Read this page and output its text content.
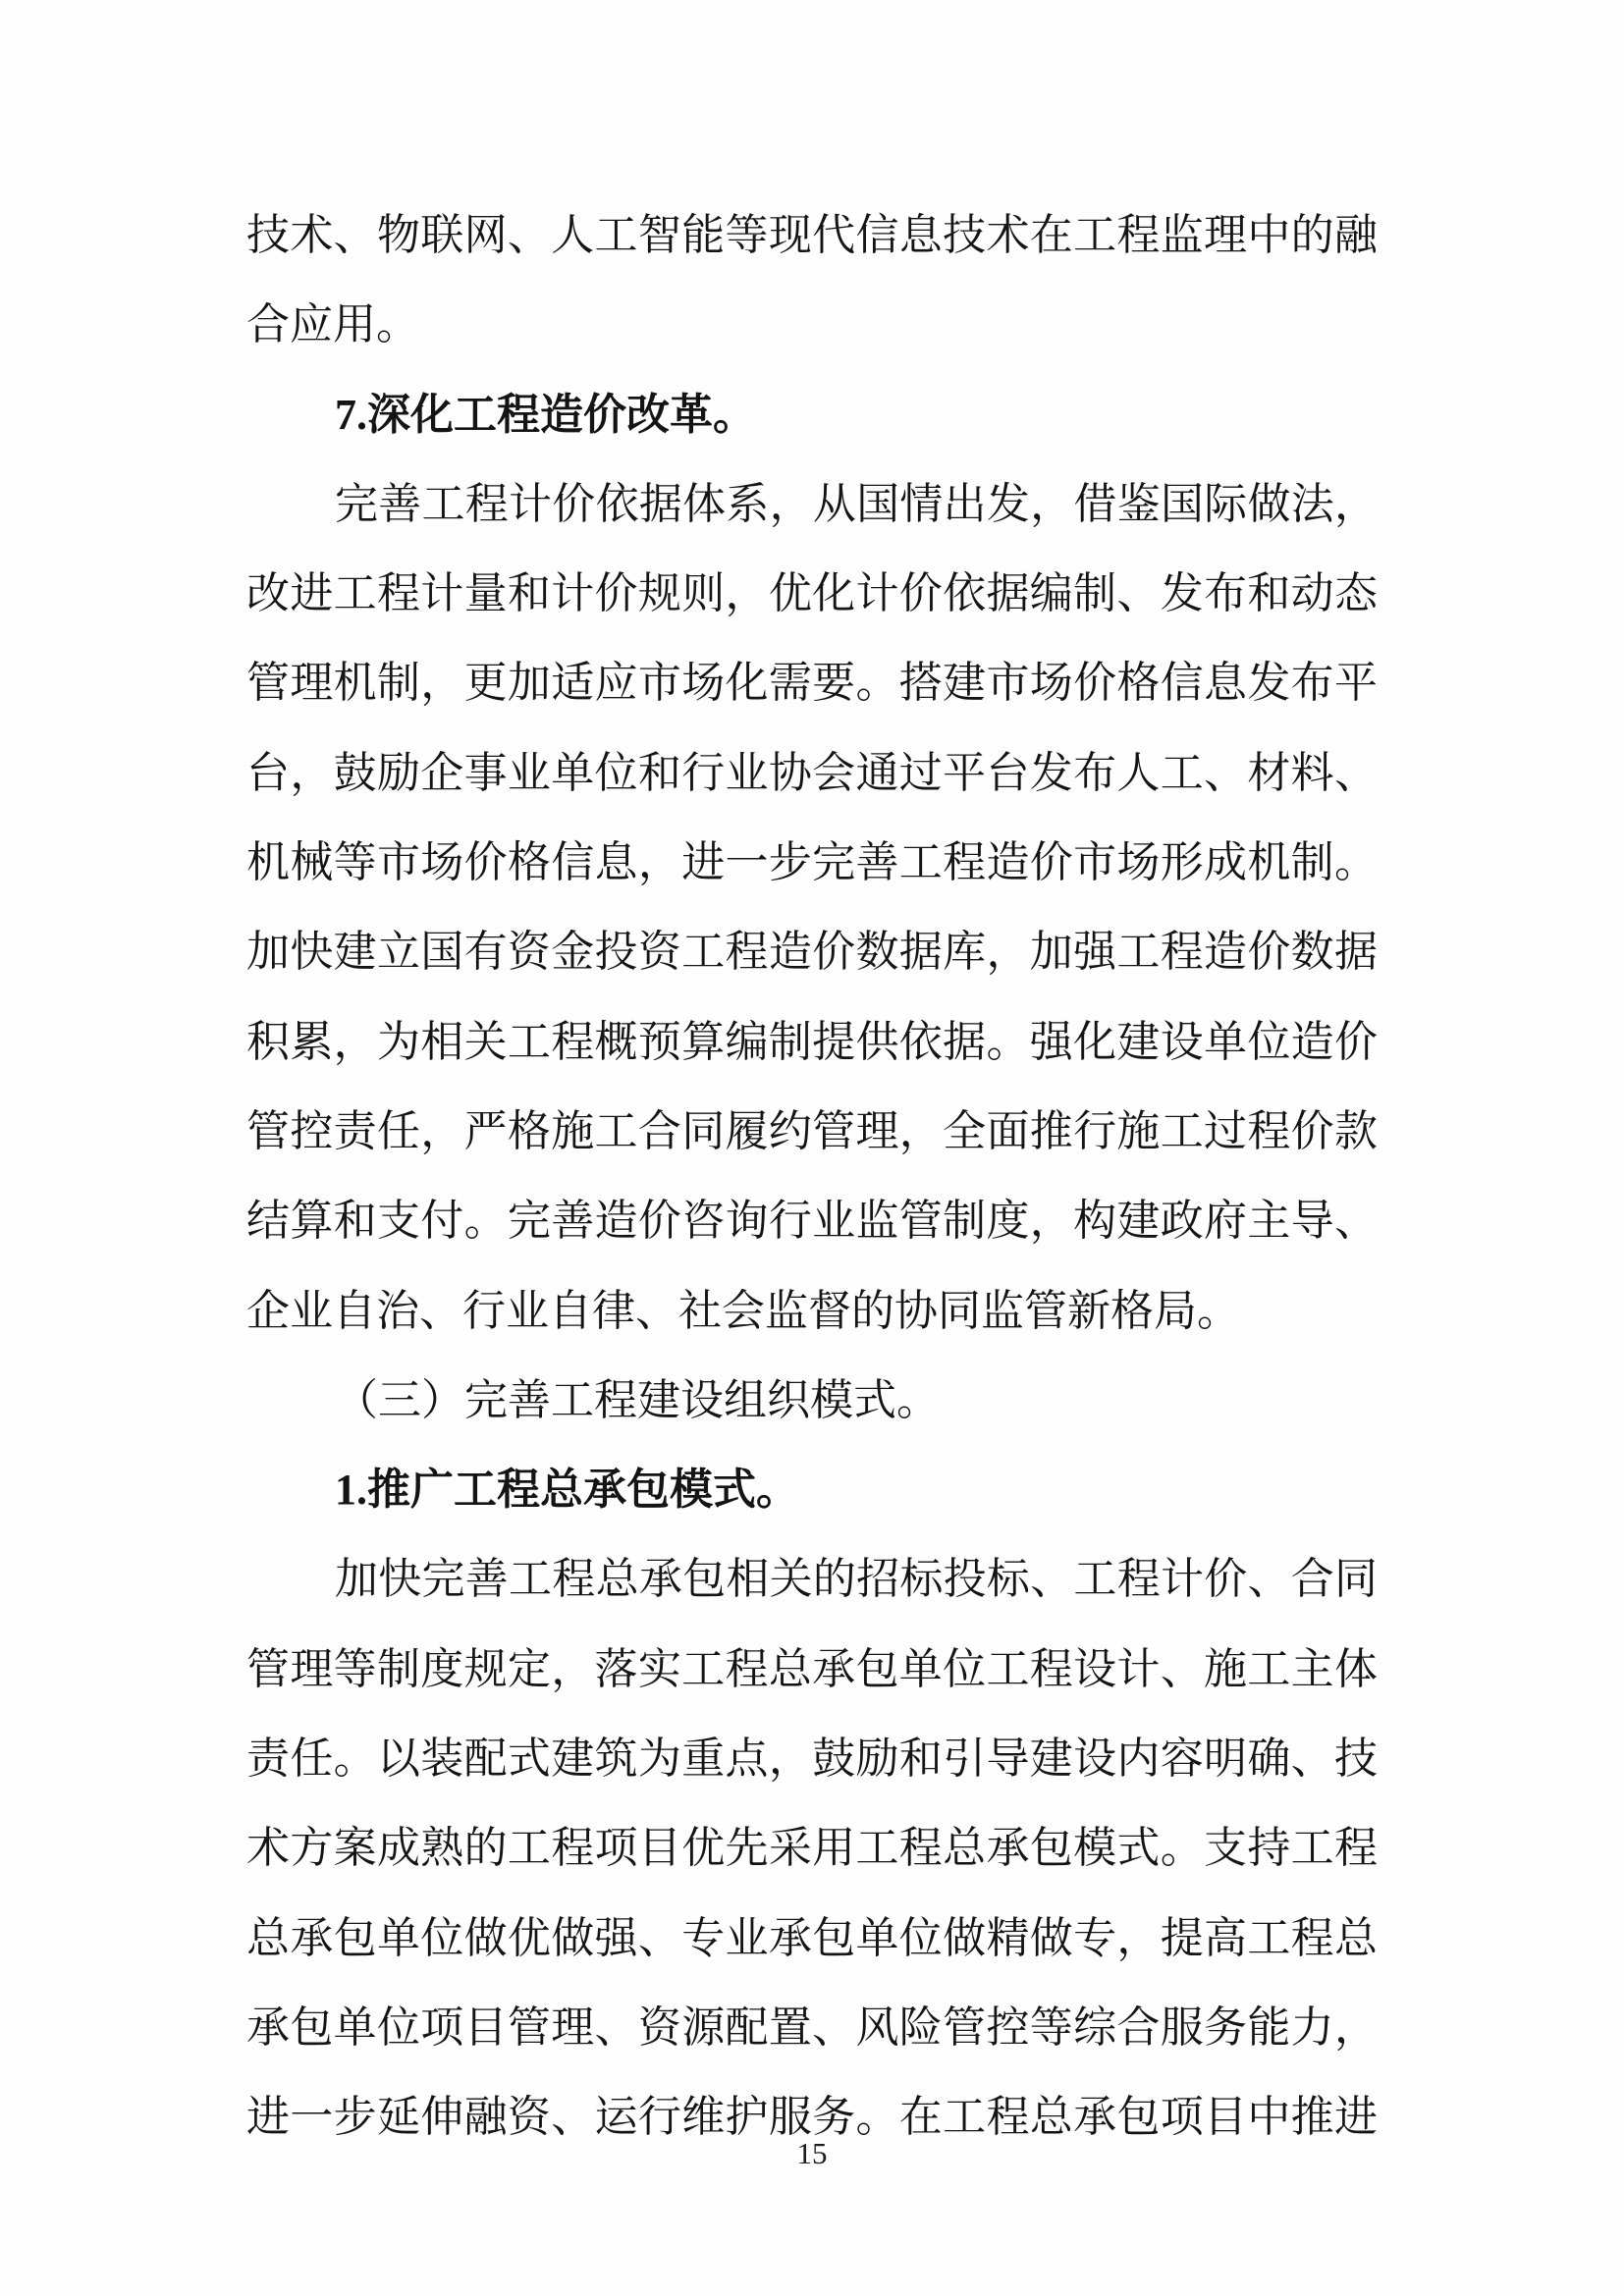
技术、物联网、人工智能等现代信息技术在工程监理中的融
合应用。
7.深化工程造价改革。
完善工程计价依据体系，从国情出发，借鉴国际做法，
改进工程计量和计价规则，优化计价依据编制、发布和动态
管理机制，更加适应市场化需要。搭建市场价格信息发布平
台，鼓励企事业单位和行业协会通过平台发布人工、材料、
机械等市场价格信息，进一步完善工程造价市场形成机制。
加快建立国有资金投资工程造价数据库，加强工程造价数据
积累，为相关工程概预算编制提供依据。强化建设单位造价
管控责任，严格施工合同履约管理，全面推行施工过程价款
结算和支付。完善造价咨询行业监管制度，构建政府主导、
企业自治、行业自律、社会监督的协同监管新格局。
（三）完善工程建设组织模式。
1.推广工程总承包模式。
加快完善工程总承包相关的招标投标、工程计价、合同
管理等制度规定，落实工程总承包单位工程设计、施工主体
责任。以装配式建筑为重点，鼓励和引导建设内容明确、技
术方案成熟的工程项目优先采用工程总承包模式。支持工程
总承包单位做优做强、专业承包单位做精做专，提高工程总
承包单位项目管理、资源配置、风险管控等综合服务能力，
进一步延伸融资、运行维护服务。在工程总承包项目中推进
15
